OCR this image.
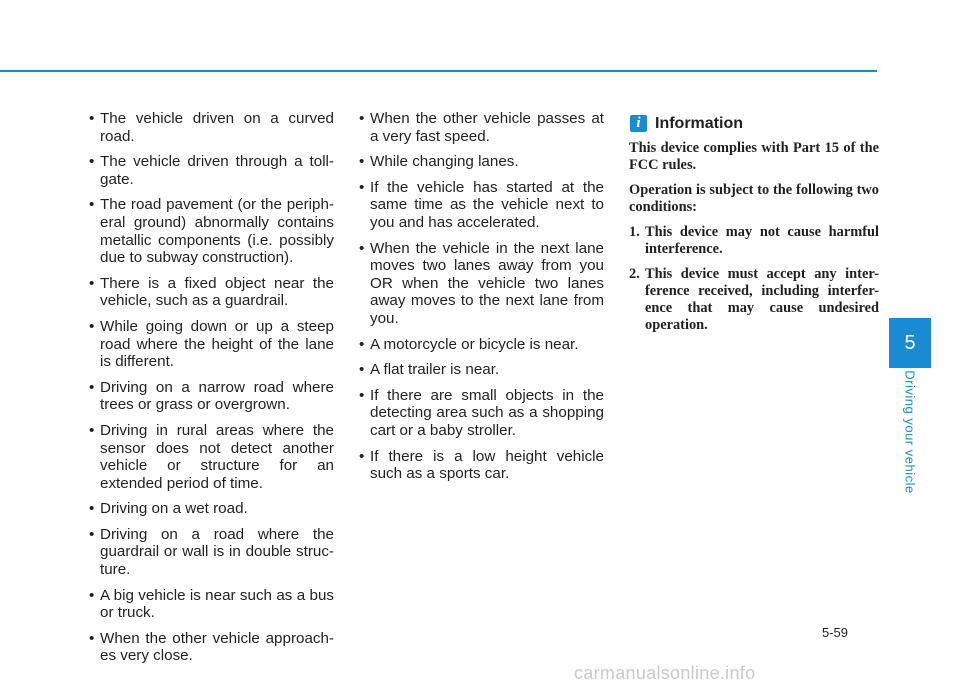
• The vehicle driven on a curved road.
• The vehicle driven through a toll-gate.
• The road pavement (or the periph-eral ground) abnormally contains metallic components (i.e. possibly due to subway construction).
• There is a fixed object near the vehicle, such as a guardrail.
• While going down or up a steep road where the height of the lane is different.
• Driving on a narrow road where trees or grass or overgrown.
• Driving in rural areas where the sensor does not detect another vehicle or structure for an extended period of time.
• Driving on a wet road.
• Driving on a road where the guardrail or wall is in double struc-ture.
• A big vehicle is near such as a bus or truck.
• When the other vehicle approach-es very close.
• When the other vehicle passes at a very fast speed.
• While changing lanes.
• If the vehicle has started at the same time as the vehicle next to you and has accelerated.
• When the vehicle in the next lane moves two lanes away from you OR when the vehicle two lanes away moves to the next lane from you.
• A motorcycle or bicycle is near.
• A flat trailer is near.
• If there are small objects in the detecting area such as a shopping cart or a baby stroller.
• If there is a low height vehicle such as a sports car.
i Information

This device complies with Part 15 of the FCC rules.

Operation is subject to the following two conditions:

1. This device may not cause harmful interference.
2. This device must accept any inter-ference received, including interfer-ence that may cause undesired operation.
5
Driving your vehicle
5-59
carmanualsonline.info
